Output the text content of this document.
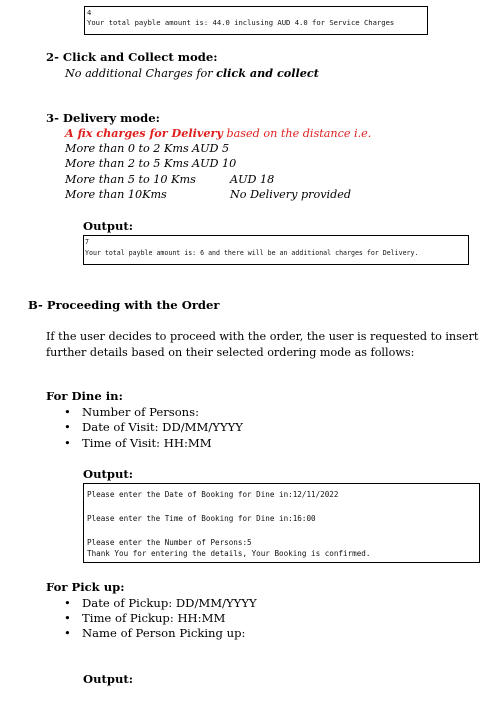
4
Your total payble amount is: 44.0 inclusing AUD 4.0 for Service Charges
2- Click and Collect mode:
No additional Charges for click and collect
3- Delivery mode:
A fix charges for Delivery based on the distance i.e.
More than 0 to 2 Kms AUD 5
More than 2 to 5 Kms AUD 10
More than 5 to 10 Kms	AUD 18
More than 10Kms	No Delivery provided
Output:
7
Your total payble amount is: 6 and there will be an additional charges for Delivery.
B- Proceeding with the Order
If the user decides to proceed with the order, the user is requested to insert
further details based on their selected ordering mode as follows:
For Dine in:
• Number of Persons:
• Date of Visit: DD/MM/YYYY
• Time of Visit: HH:MM
Output:
Please enter the Date of Booking for Dine in:12/11/2022
Please enter the Time of Booking for Dine in:16:00
Please enter the Number of Persons:5
Thank You for entering the details, Your Booking is confirmed.
For Pick up:
• Date of Pickup: DD/MM/YYYY
• Time of Pickup: HH:MM
• Name of Person Picking up:
Output:
